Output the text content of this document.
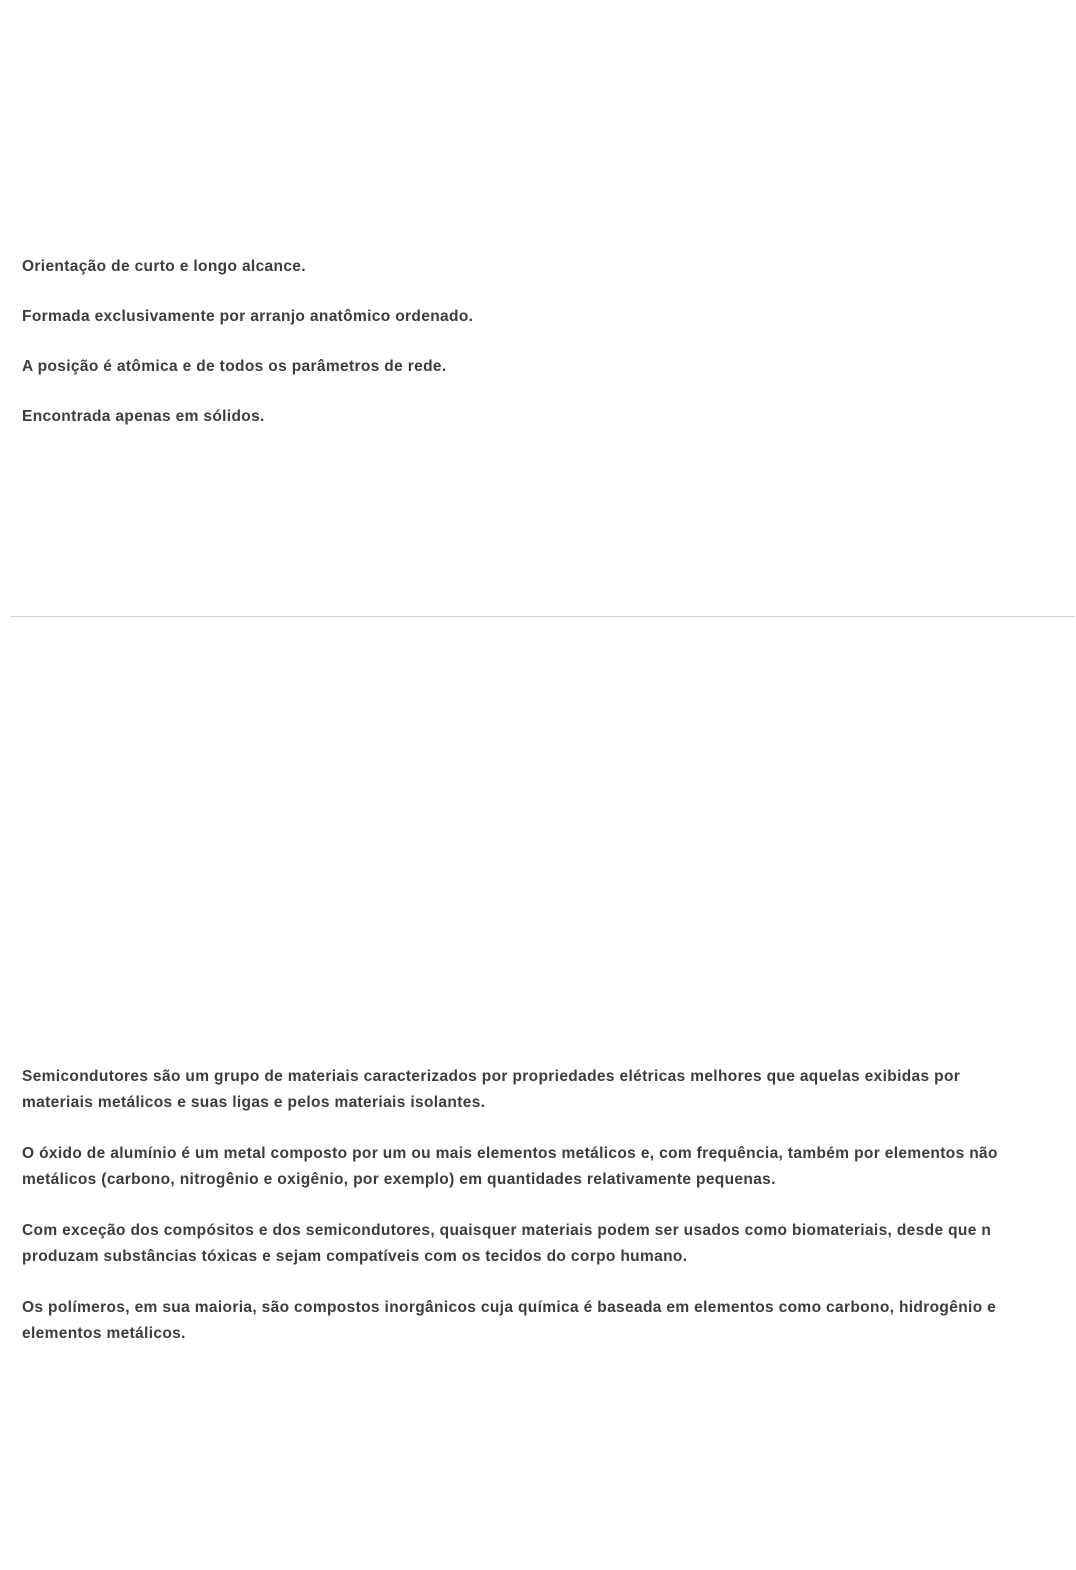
Orientação de curto e longo alcance.
Formada exclusivamente por arranjo anatômico ordenado.
A posição é atômica e de todos os parâmetros de rede.
Encontrada apenas em sólidos.
Semicondutores são um grupo de materiais caracterizados por propriedades elétricas melhores que aquelas exibidas por
materiais metálicos e suas ligas e pelos materiais isolantes.
O óxido de alumínio é um metal composto por um ou mais elementos metálicos e, com frequência, também por elementos não
metálicos (carbono, nitrogênio e oxigênio, por exemplo) em quantidades relativamente pequenas.
Com exceção dos compósitos e dos semicondutores, quaisquer materiais podem ser usados como biomateriais, desde que n
produzam substâncias tóxicas e sejam compatíveis com os tecidos do corpo humano.
Os polímeros, em sua maioria, são compostos inorgânicos cuja química é baseada em elementos como carbono, hidrogênio e
elementos metálicos.
